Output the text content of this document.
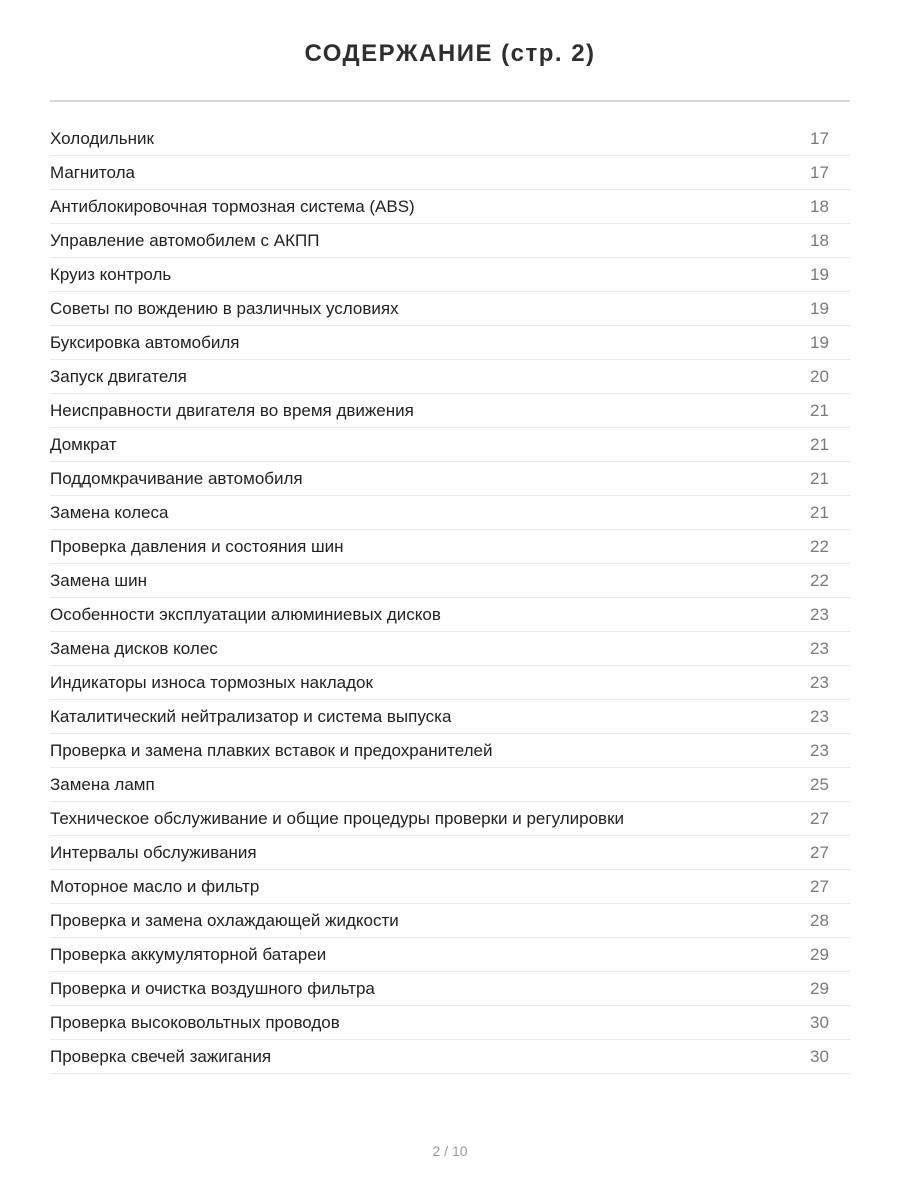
СОДЕРЖАНИЕ (стр. 2)
Холодильник	17
Магнитола	17
Антиблокировочная тормозная система (ABS)	18
Управление автомобилем с АКПП	18
Круиз контроль	19
Советы по вождению в различных условиях	19
Буксировка автомобиля	19
Запуск двигателя	20
Неисправности двигателя во время движения	21
Домкрат	21
Поддомкрачивание автомобиля	21
Замена колеса	21
Проверка давления и состояния шин	22
Замена шин	22
Особенности эксплуатации алюминиевых дисков	23
Замена дисков колес	23
Индикаторы износа тормозных накладок	23
Каталитический нейтрализатор и система выпуска	23
Проверка и замена плавких вставок и предохранителей	23
Замена ламп	25
Техническое обслуживание и общие процедуры проверки и регулировки	27
Интервалы обслуживания	27
Моторное масло и фильтр	27
Проверка и замена охлаждающей жидкости	28
Проверка аккумуляторной батареи	29
Проверка и очистка воздушного фильтра	29
Проверка высоковольтных проводов	30
Проверка свечей зажигания	30
2 / 10
